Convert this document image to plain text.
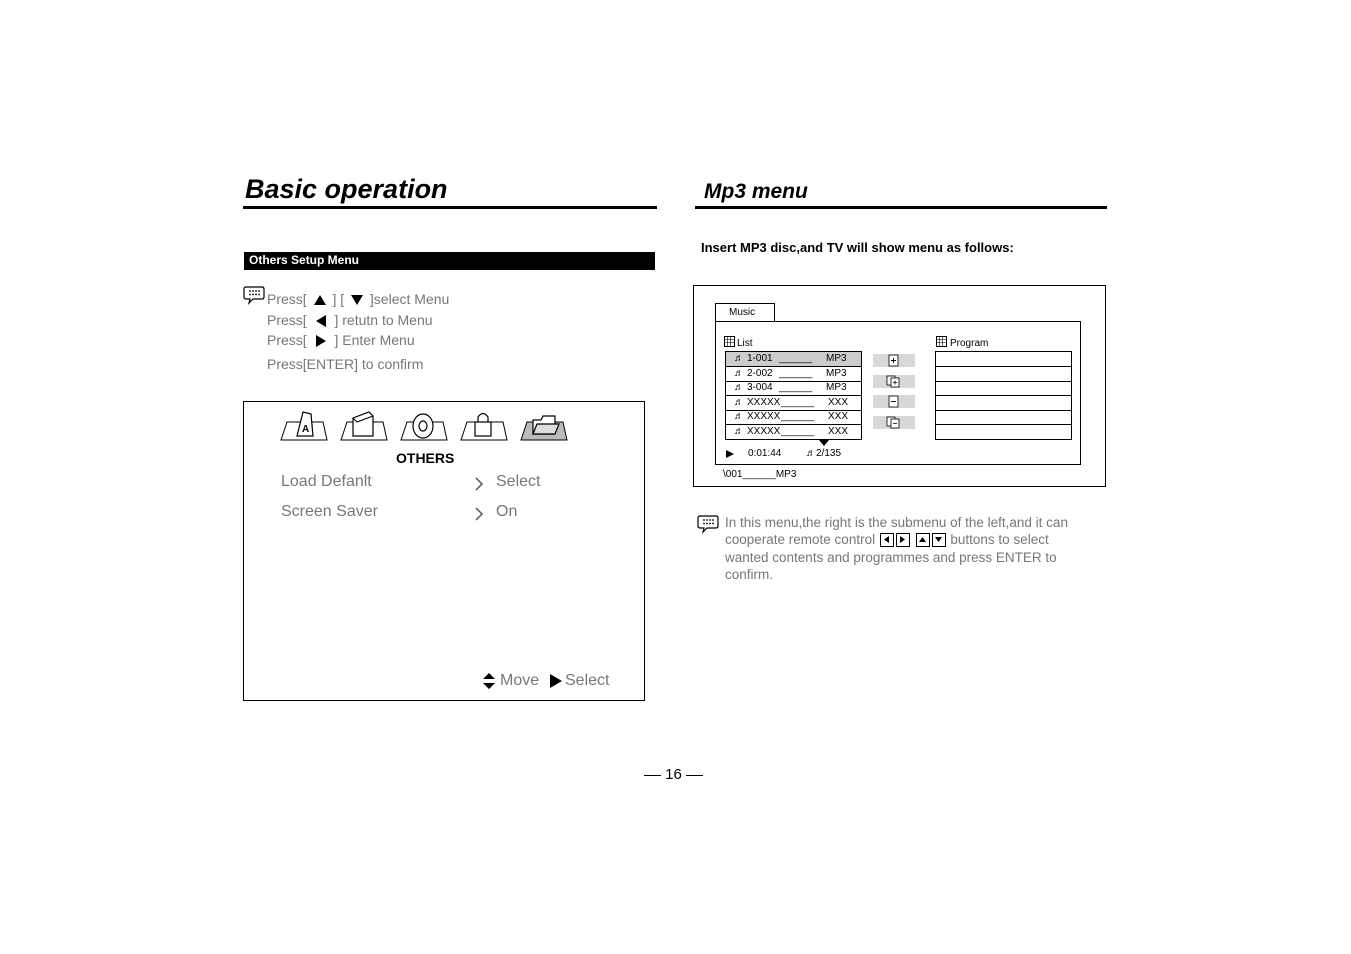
Basic operation
Others Setup Menu
Press[ ] [ ]select Menu
Press[ ] retutn to Menu
Press[ ] Enter Menu
Press[ENTER] to confirm
A
OTHERS
Load Defanlt	Select
Screen Saver	On
Move Select
Mp3 menu
Insert MP3 disc,and TV will show menu as follows:
Music
List
♬ 1-001 ______ MP3
♬ 2-002 ______ MP3
♬ 3-004 ______ MP3
♬ XXXXX ______ XXX
♬ XXXXX ______ XXX
♬ XXXXX ______ XXX
Program
0:01:44 ♬2/135
\001______MP3
In this menu,the right is the submenu of the left,and it can
cooperate remote control
	buttons to select
wanted contents and programmes and press ENTER to
confirm.
16
